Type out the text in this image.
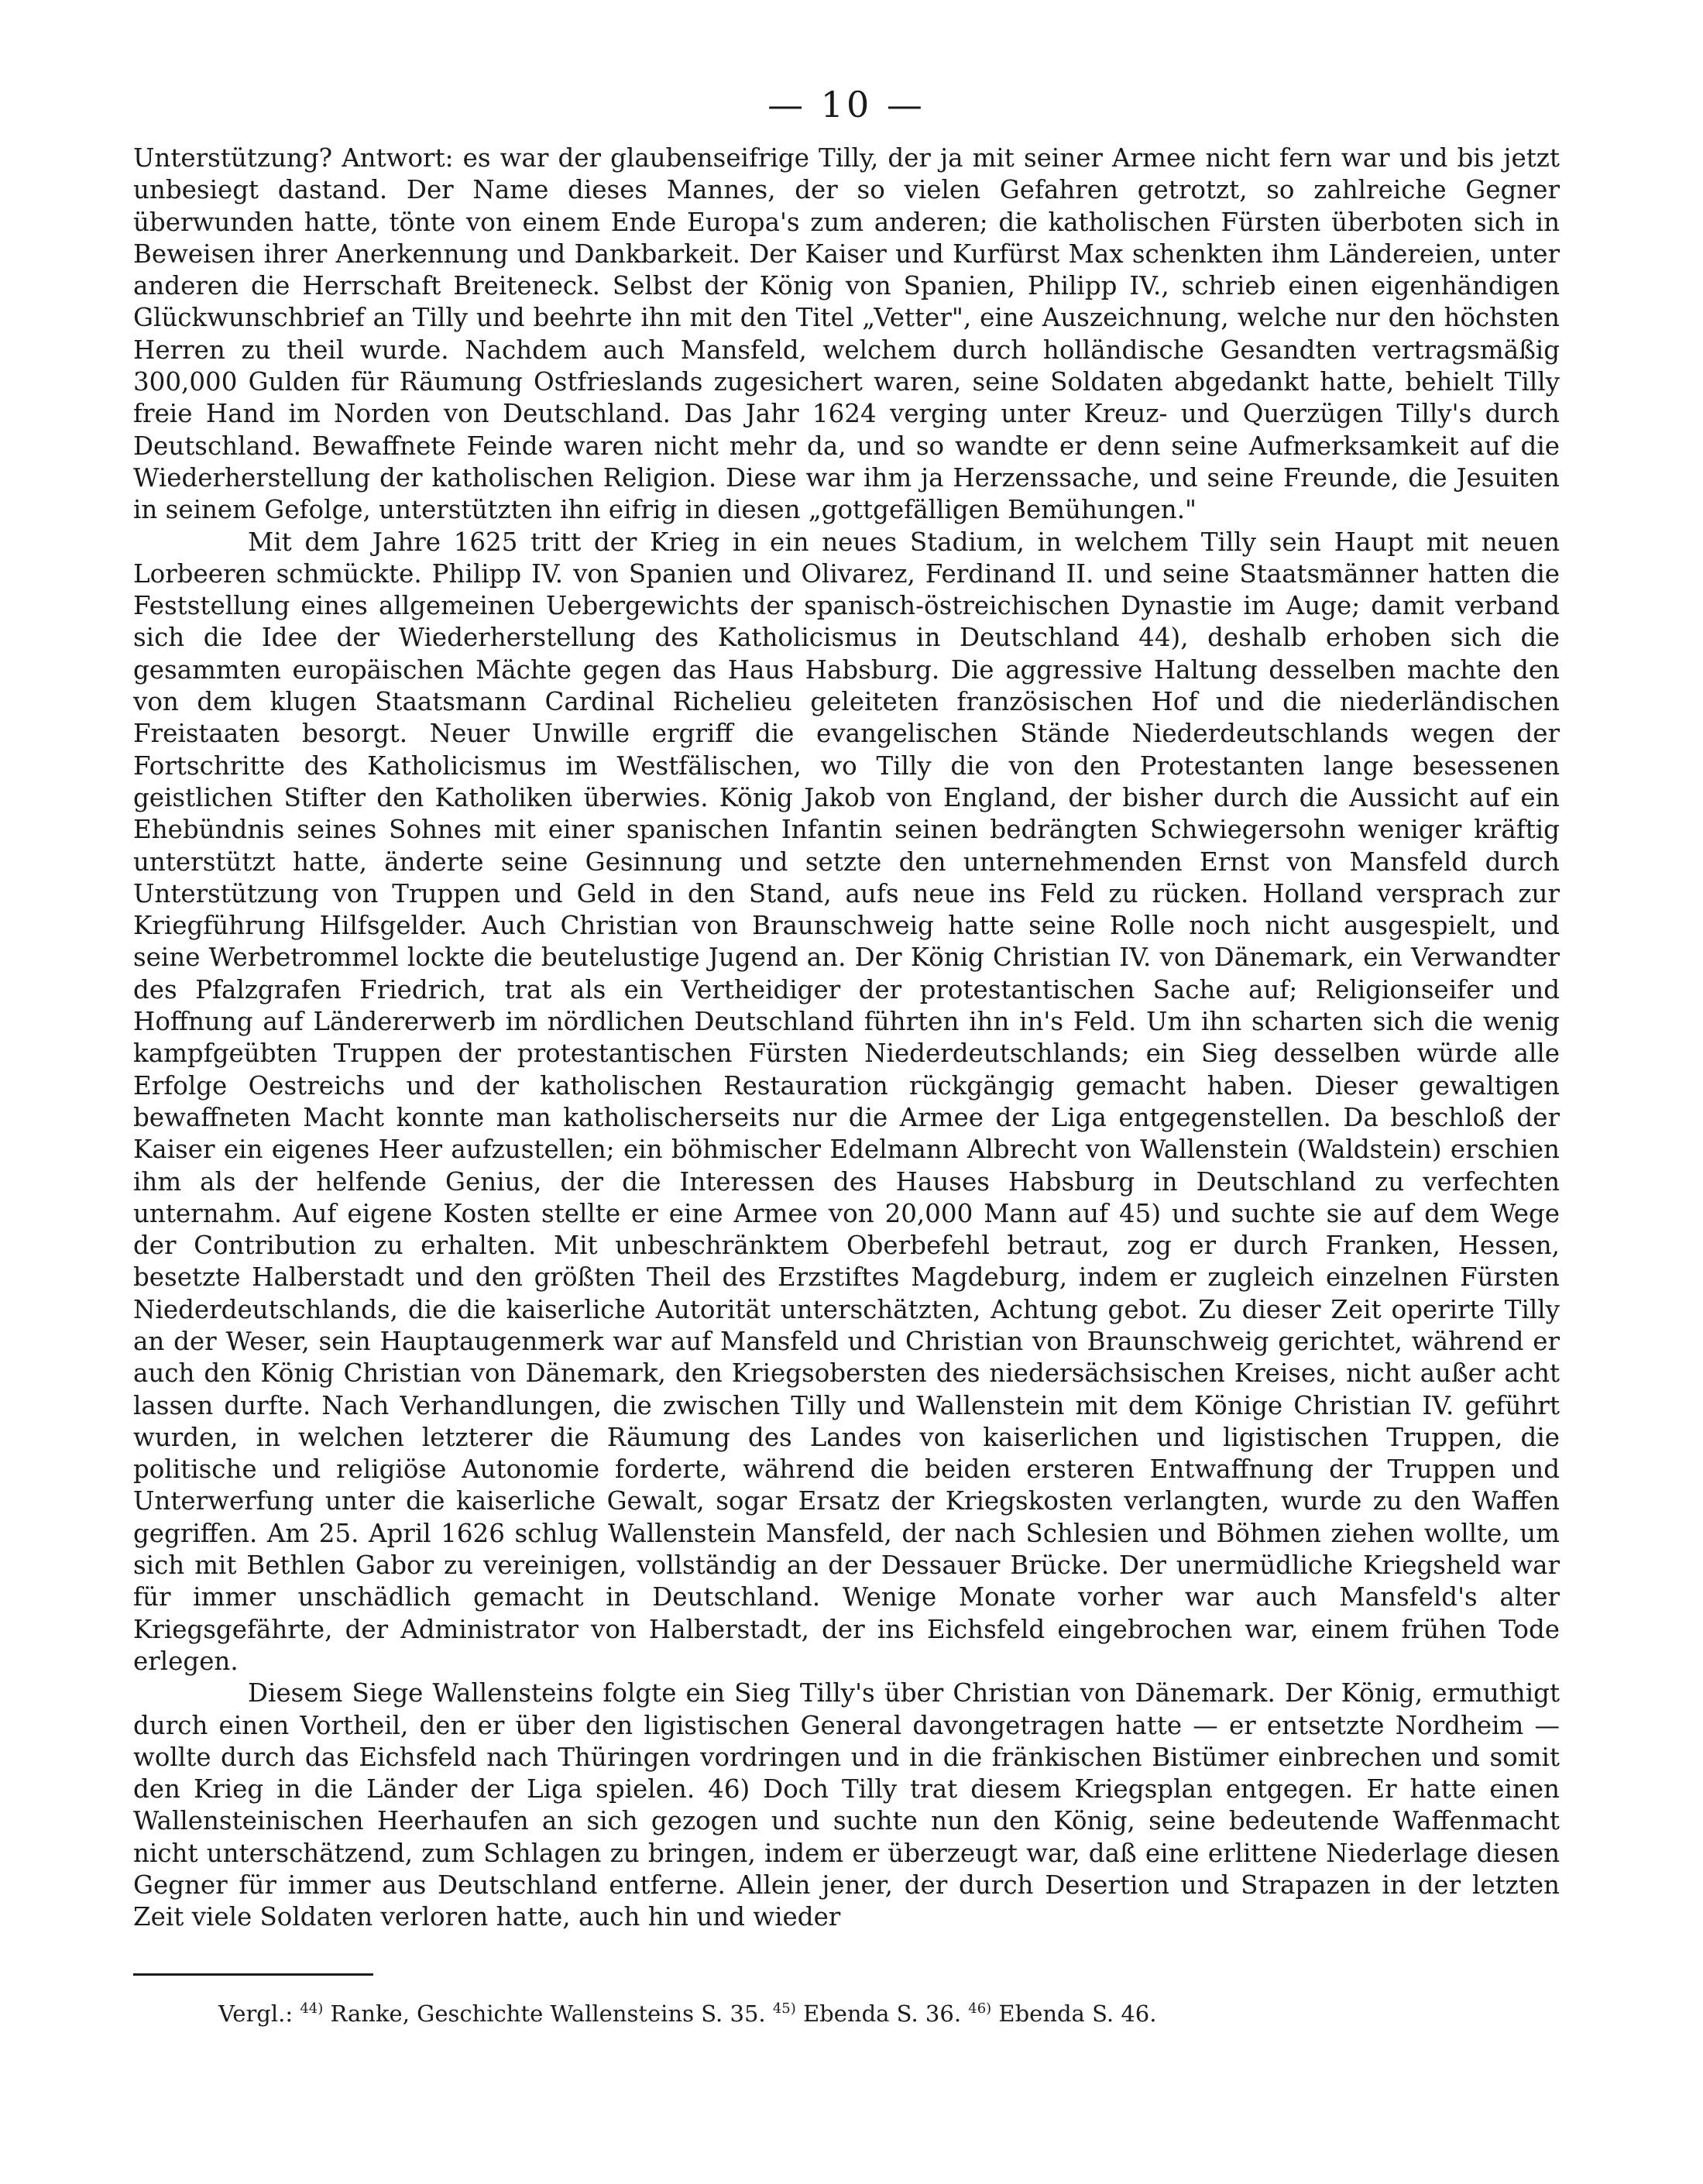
— 10 —

Unterstützung? Antwort: es war der glaubenseifrige Tilly, der ja mit seiner Armee nicht fern war und bis jetzt unbesiegt dastand. Der Name dieses Mannes, der so vielen Gefahren getrotzt, so zahlreiche Gegner überwunden hatte, tönte von einem Ende Europa's zum anderen; die katholischen Fürsten überboten sich in Beweisen ihrer Anerkennung und Dankbarkeit. Der Kaiser und Kurfürst Max schenkten ihm Ländereien, unter anderen die Herrschaft Breiteneck. Selbst der König von Spanien, Philipp IV., schrieb einen eigenhändigen Glückwunschbrief an Tilly und beehrte ihn mit den Titel „Vetter", eine Auszeichnung, welche nur den höchsten Herren zu theil wurde. Nachdem auch Mansfeld, welchem durch holländische Gesandten vertragsmäßig 300,000 Gulden für Räumung Ostfrieslands zugesichert waren, seine Soldaten abgedankt hatte, behielt Tilly freie Hand im Norden von Deutschland. Das Jahr 1624 verging unter Kreuz- und Querzügen Tilly's durch Deutschland. Bewaffnete Feinde waren nicht mehr da, und so wandte er denn seine Aufmerksamkeit auf die Wiederherstellung der katholischen Religion. Diese war ihm ja Herzenssache, und seine Freunde, die Jesuiten in seinem Gefolge, unterstützten ihn eifrig in diesen „gottgefälligen Bemühungen."

Mit dem Jahre 1625 tritt der Krieg in ein neues Stadium, in welchem Tilly sein Haupt mit neuen Lorbeeren schmückte. Philipp IV. von Spanien und Olivarez, Ferdinand II. und seine Staatsmänner hatten die Feststellung eines allgemeinen Uebergewichts der spanisch-östreichischen Dynastie im Auge; damit verband sich die Idee der Wiederherstellung des Katholicismus in Deutschland 44), deshalb erhoben sich die gesammten europäischen Mächte gegen das Haus Habsburg. Die aggressive Haltung desselben machte den von dem klugen Staatsmann Cardinal Richelieu geleiteten französischen Hof und die niederländischen Freistaaten besorgt. Neuer Unwille ergriff die evangelischen Stände Niederdeutschlands wegen der Fortschritte des Katholicismus im Westfälischen, wo Tilly die von den Protestanten lange besessenen geistlichen Stifter den Katholiken überwies. König Jakob von England, der bisher durch die Aussicht auf ein Ehebündnis seines Sohnes mit einer spanischen Infantin seinen bedrängten Schwiegersohn weniger kräftig unterstützt hatte, änderte seine Gesinnung und setzte den unternehmenden Ernst von Mansfeld durch Unterstützung von Truppen und Geld in den Stand, aufs neue ins Feld zu rücken. Holland versprach zur Kriegführung Hilfsgelder. Auch Christian von Braunschweig hatte seine Rolle noch nicht ausgespielt, und seine Werbetrommel lockte die beutelustige Jugend an. Der König Christian IV. von Dänemark, ein Verwandter des Pfalzgrafen Friedrich, trat als ein Vertheidiger der protestantischen Sache auf; Religionseifer und Hoffnung auf Ländererwerb im nördlichen Deutschland führten ihn in's Feld. Um ihn scharten sich die wenig kampfgeübten Truppen der protestantischen Fürsten Niederdeutschlands; ein Sieg desselben würde alle Erfolge Oestreichs und der katholischen Restauration rückgängig gemacht haben. Dieser gewaltigen bewaffneten Macht konnte man katholischerseits nur die Armee der Liga entgegenstellen. Da beschloß der Kaiser ein eigenes Heer aufzustellen; ein böhmischer Edelmann Albrecht von Wallenstein (Waldstein) erschien ihm als der helfende Genius, der die Interessen des Hauses Habsburg in Deutschland zu verfechten unternahm. Auf eigene Kosten stellte er eine Armee von 20,000 Mann auf 45) und suchte sie auf dem Wege der Contribution zu erhalten. Mit unbeschränktem Oberbefehl betraut, zog er durch Franken, Hessen, besetzte Halberstadt und den größten Theil des Erzstiftes Magdeburg, indem er zugleich einzelnen Fürsten Niederdeutschlands, die die kaiserliche Autorität unterschätzten, Achtung gebot. Zu dieser Zeit operirte Tilly an der Weser, sein Hauptaugenmerk war auf Mansfeld und Christian von Braunschweig gerichtet, während er auch den König Christian von Dänemark, den Kriegsobersten des niedersächsischen Kreises, nicht außer acht lassen durfte. Nach Verhandlungen, die zwischen Tilly und Wallenstein mit dem Könige Christian IV. geführt wurden, in welchen letzterer die Räumung des Landes von kaiserlichen und ligistischen Truppen, die politische und religiöse Autonomie forderte, während die beiden ersteren Entwaffnung der Truppen und Unterwerfung unter die kaiserliche Gewalt, sogar Ersatz der Kriegskosten verlangten, wurde zu den Waffen gegriffen. Am 25. April 1626 schlug Wallenstein Mansfeld, der nach Schlesien und Böhmen ziehen wollte, um sich mit Bethlen Gabor zu vereinigen, vollständig an der Dessauer Brücke. Der unermüdliche Kriegsheld war für immer unschädlich gemacht in Deutschland. Wenige Monate vorher war auch Mansfeld's alter Kriegsgefährte, der Administrator von Halberstadt, der ins Eichsfeld eingebrochen war, einem frühen Tode erlegen.

Diesem Siege Wallensteins folgte ein Sieg Tilly's über Christian von Dänemark. Der König, ermuthigt durch einen Vortheil, den er über den ligistischen General davongetragen hatte — er entsetzte Nordheim — wollte durch das Eichsfeld nach Thüringen vordringen und in die fränkischen Bistümer einbrechen und somit den Krieg in die Länder der Liga spielen. 46) Doch Tilly trat diesem Kriegsplan entgegen. Er hatte einen Wallensteinischen Heerhaufen an sich gezogen und suchte nun den König, seine bedeutende Waffenmacht nicht unterschätzend, zum Schlagen zu bringen, indem er überzeugt war, daß eine erlittene Niederlage diesen Gegner für immer aus Deutschland entferne. Allein jener, der durch Desertion und Strapazen in der letzten Zeit viele Soldaten verloren hatte, auch hin und wieder

Vergl.: $^{44)}$ Ranke, Geschichte Wallensteins S. 35. $^{45)}$ Ebenda S. 36. $^{46)}$ Ebenda S. 46.
